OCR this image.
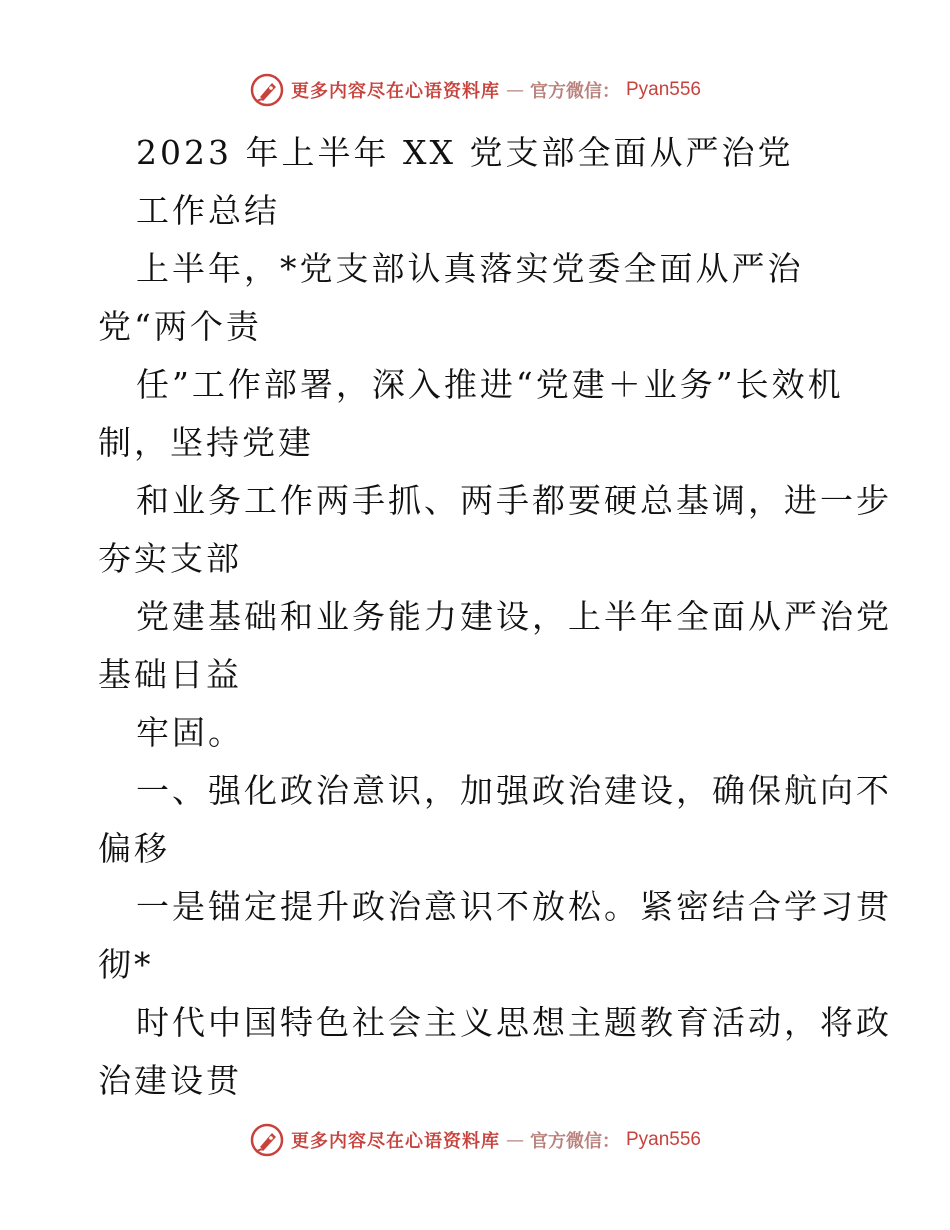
更多内容尽在心语资料库 — 官方微信： Pyan556
2023 年上半年 XX 党支部全面从严治党
工作总结
上半年，*党支部认真落实党委全面从严治
党“两个责
任”工作部署，深入推进“党建＋业务”长效机
制，坚持党建
和业务工作两手抓、两手都要硬总基调，进一步
夯实支部
党建基础和业务能力建设，上半年全面从严治党
基础日益
牢固。
一、强化政治意识，加强政治建设，确保航向不
偏移
一是锚定提升政治意识不放松。紧密结合学习贯
彻*
时代中国特色社会主义思想主题教育活动，将政
治建设贯
更多内容尽在心语资料库 — 官方微信： Pyan556
